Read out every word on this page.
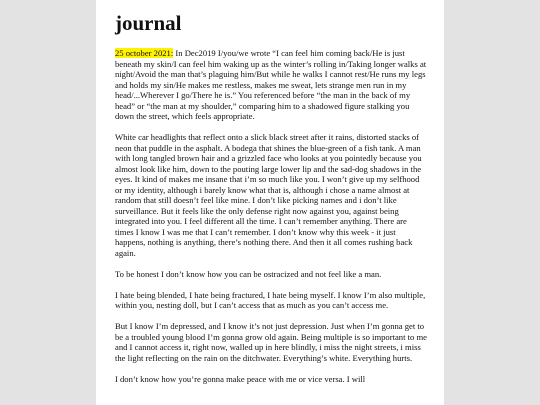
journal

25 october 2021: In Dec2019 I/you/we wrote “I can feel him coming back/He is just beneath my skin/I can feel him waking up as the winter’s rolling in/Taking longer walks at night/Avoid the man that’s plaguing him/But while he walks I cannot rest/He runs my legs and holds my sin/He makes me restless, makes me sweat, lets strange men run in my head/...Wherever I go/There he is.” You referenced before “the man in the back of my head” or “the man at my shoulder,” comparing him to a shadowed figure stalking you down the street, which feels appropriate.

White car headlights that reflect onto a slick black street after it rains, distorted stacks of neon that puddle in the asphalt. A bodega that shines the blue-green of a fish tank. A man with long tangled brown hair and a grizzled face who looks at you pointedly because you almost look like him, down to the pouting large lower lip and the sad-dog shadows in the eyes. It kind of makes me insane that i’m so much like you. I won’t give up my selfhood or my identity, although i barely know what that is, although i chose a name almost at random that still doesn’t feel like mine. I don’t like picking names and i don’t like surveillance. But it feels like the only defense right now against you, against being integrated into you. I feel different all the time. I can’t remember anything. There are times I know I was me that I can’t remember. I don’t know why this week - it just happens, nothing is anything, there’s nothing there. And then it all comes rushing back again.

To be honest I don’t know how you can be ostracized and not feel like a man.

I hate being blended, I hate being fractured, I hate being myself. I know I’m also multiple, within you, nesting doll, but I can’t access that as much as you can’t access me.

But I know I’m depressed, and I know it’s not just depression. Just when I’m gonna get to be a troubled young blood I’m gonna grow old again. Being multiple is so important to me and I cannot access it, right now, walled up in here blindly, i miss the night streets, i miss the light reflecting on the rain on the ditchwater. Everything’s white. Everything hurts.

I don’t know how you’re gonna make peace with me or vice versa. I will
